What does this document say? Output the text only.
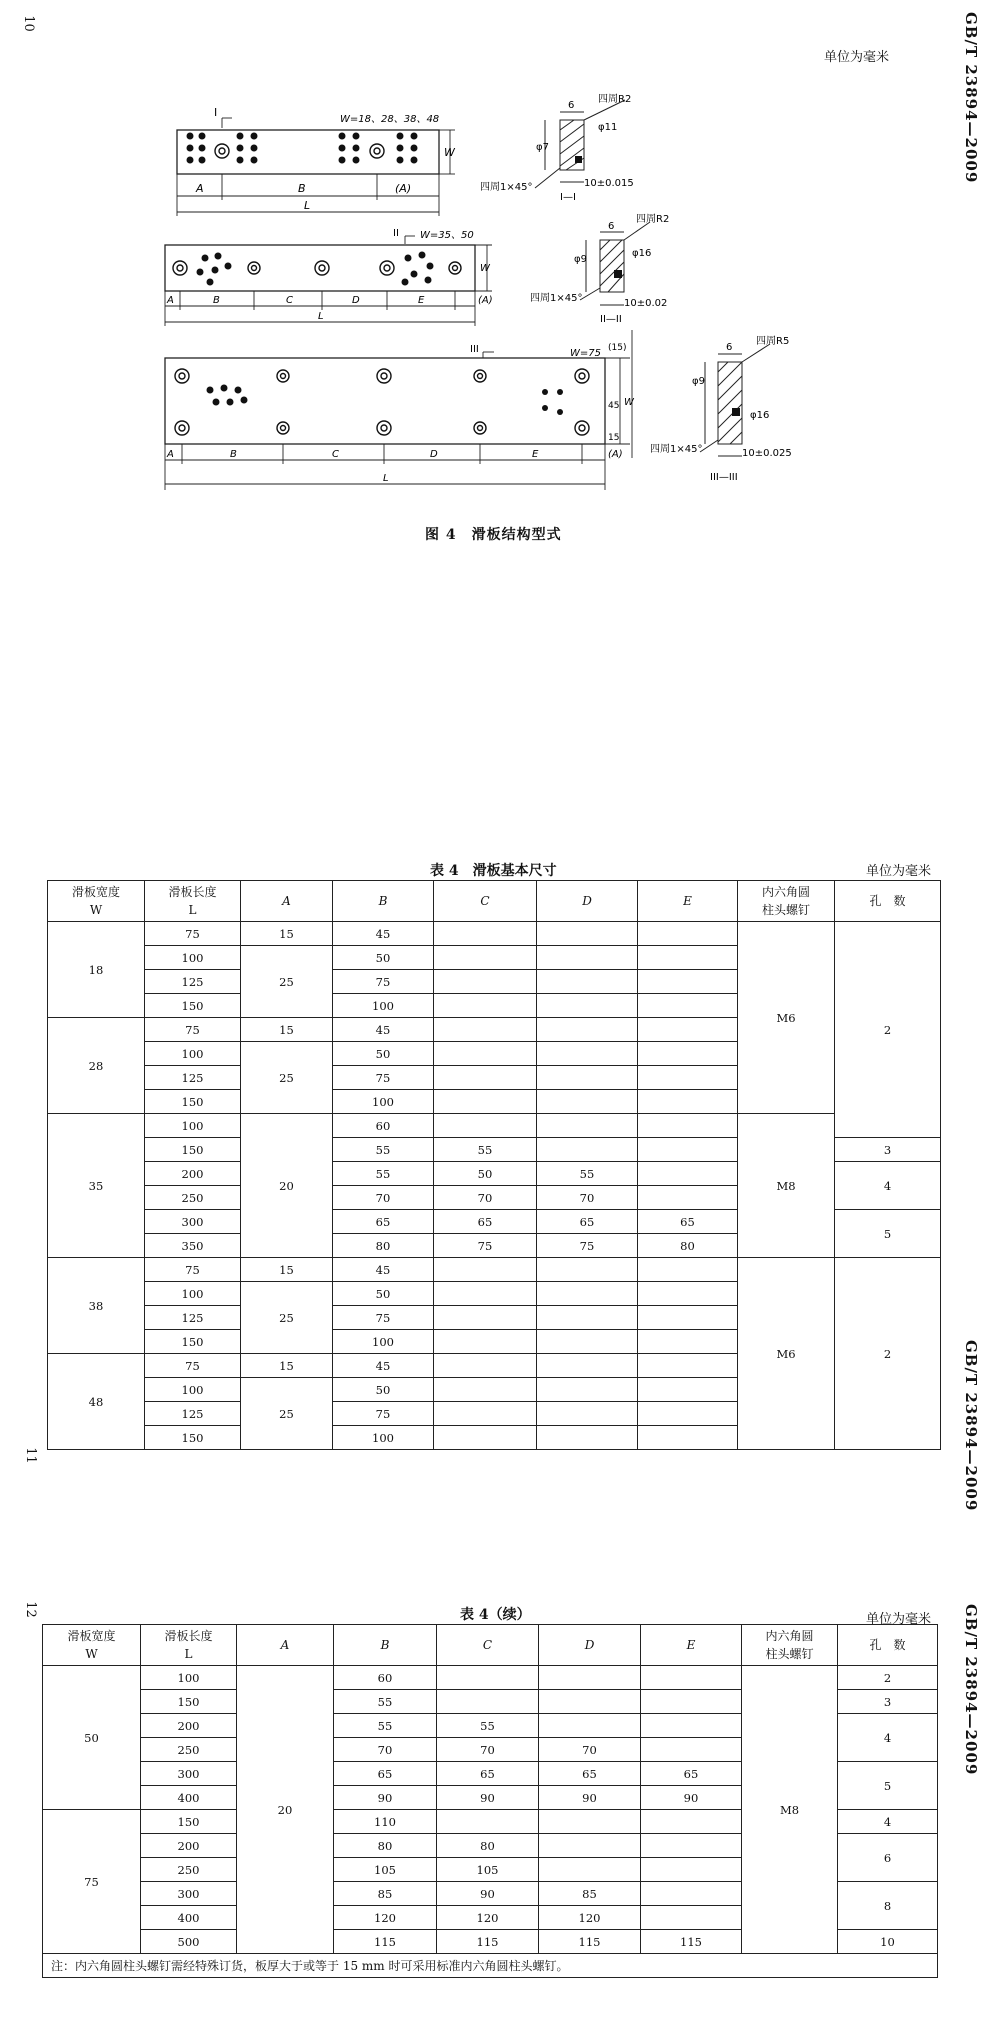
10	GB/T 23894—2009
单位为毫米
A	B	(A)
L
W
I
W=18、28、38、48
6
四周R2
φ11
φ7
四周1×45°	10±0.015
I—I
A	B	C	D	E	(A)
L
W
II W=35、50
6
四周R2
φ16
φ9
四周1×45°	10±0.02
II—II
A	B	C	D	E	(A)
L
W
(15)
45
15
III	W=75
6
四周R5
φ16
φ9
四周1×45°	10±0.025
III—III
图 4　滑板结构型式
表 4　滑板基本尺寸	单位为毫米
滑板宽度
W	滑板长度
L	A	B	C	D	E	内六角圆
柱头螺钉	孔　数
18	75	15	45				M6	2
	100	25	50					
	125		75					
	150		100					
28	75	15	45					
	100	25	50					
	125		75					
	150		100					
35	100	20	60				M8	
	150		55	55				3
	200		55	50	55			4
	250		70	70	70			
	300		65	65	65	65		5
	350		80	75	75	80		
38	75	15	45				M6	2
	100	25	50					
	125		75					
	150		100					
48	75	15	45					
	100	25	50					
	125		75					
	150		100					
11	GB/T 23894—2009
12	GB/T 23894—2009
表 4（续）	单位为毫米
滑板宽度
W	滑板长度
L	A	B	C	D	E	内六角圆
柱头螺钉	孔　数
50	100	20	60				M8	2
	150		55					3
	200		55	55				4
	250		70	70	70			
	300		65	65	65	65		5
	400		90	90	90	90		
75	150		110					4
	200		80	80				6
	250		105	105				
	300		85	90	85			8
	400		120	120	120			
	500		115	115	115	115		10
注：内六角圆柱头螺钉需经特殊订货，板厚大于或等于 15 mm 时可采用标准内六角圆柱头螺钉。								
